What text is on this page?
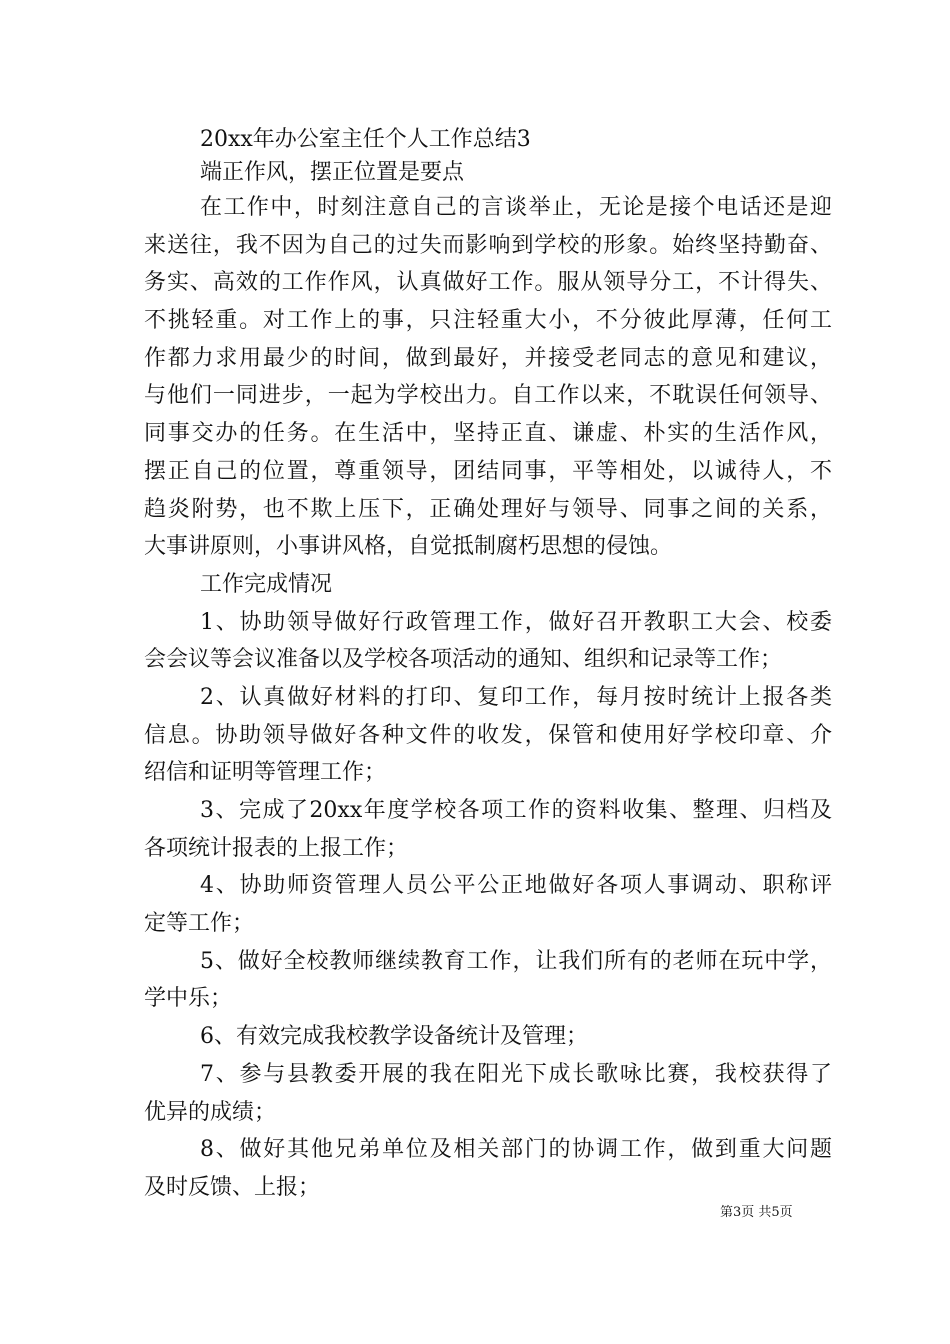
20xx年办公室主任个人工作总结3
端正作风，摆正位置是要点
在工作中，时刻注意自己的言谈举止，无论是接个电话还是迎
来送往，我不因为自己的过失而影响到学校的形象。始终坚持勤奋、
务实、高效的工作作风，认真做好工作。服从领导分工，不计得失、
不挑轻重。对工作上的事，只注轻重大小，不分彼此厚薄，任何工
作都力求用最少的时间，做到最好，并接受老同志的意见和建议，
与他们一同进步，一起为学校出力。自工作以来，不耽误任何领导、
同事交办的任务。在生活中，坚持正直、谦虚、朴实的生活作风，
摆正自己的位置，尊重领导，团结同事，平等相处，以诚待人，不
趋炎附势，也不欺上压下，正确处理好与领导、同事之间的关系，
大事讲原则，小事讲风格，自觉抵制腐朽思想的侵蚀。
工作完成情况
1、协助领导做好行政管理工作，做好召开教职工大会、校委
会会议等会议准备以及学校各项活动的通知、组织和记录等工作；
2、认真做好材料的打印、复印工作，每月按时统计上报各类
信息。协助领导做好各种文件的收发，保管和使用好学校印章、介
绍信和证明等管理工作；
3、完成了20xx年度学校各项工作的资料收集、整理、归档及
各项统计报表的上报工作；
4、协助师资管理人员公平公正地做好各项人事调动、职称评
定等工作；
5、做好全校教师继续教育工作，让我们所有的老师在玩中学，
学中乐；
6、有效完成我校教学设备统计及管理；
7、参与县教委开展的我在阳光下成长歌咏比赛，我校获得了
优异的成绩；
8、做好其他兄弟单位及相关部门的协调工作，做到重大问题
及时反馈、上报；
第3页 共5页
